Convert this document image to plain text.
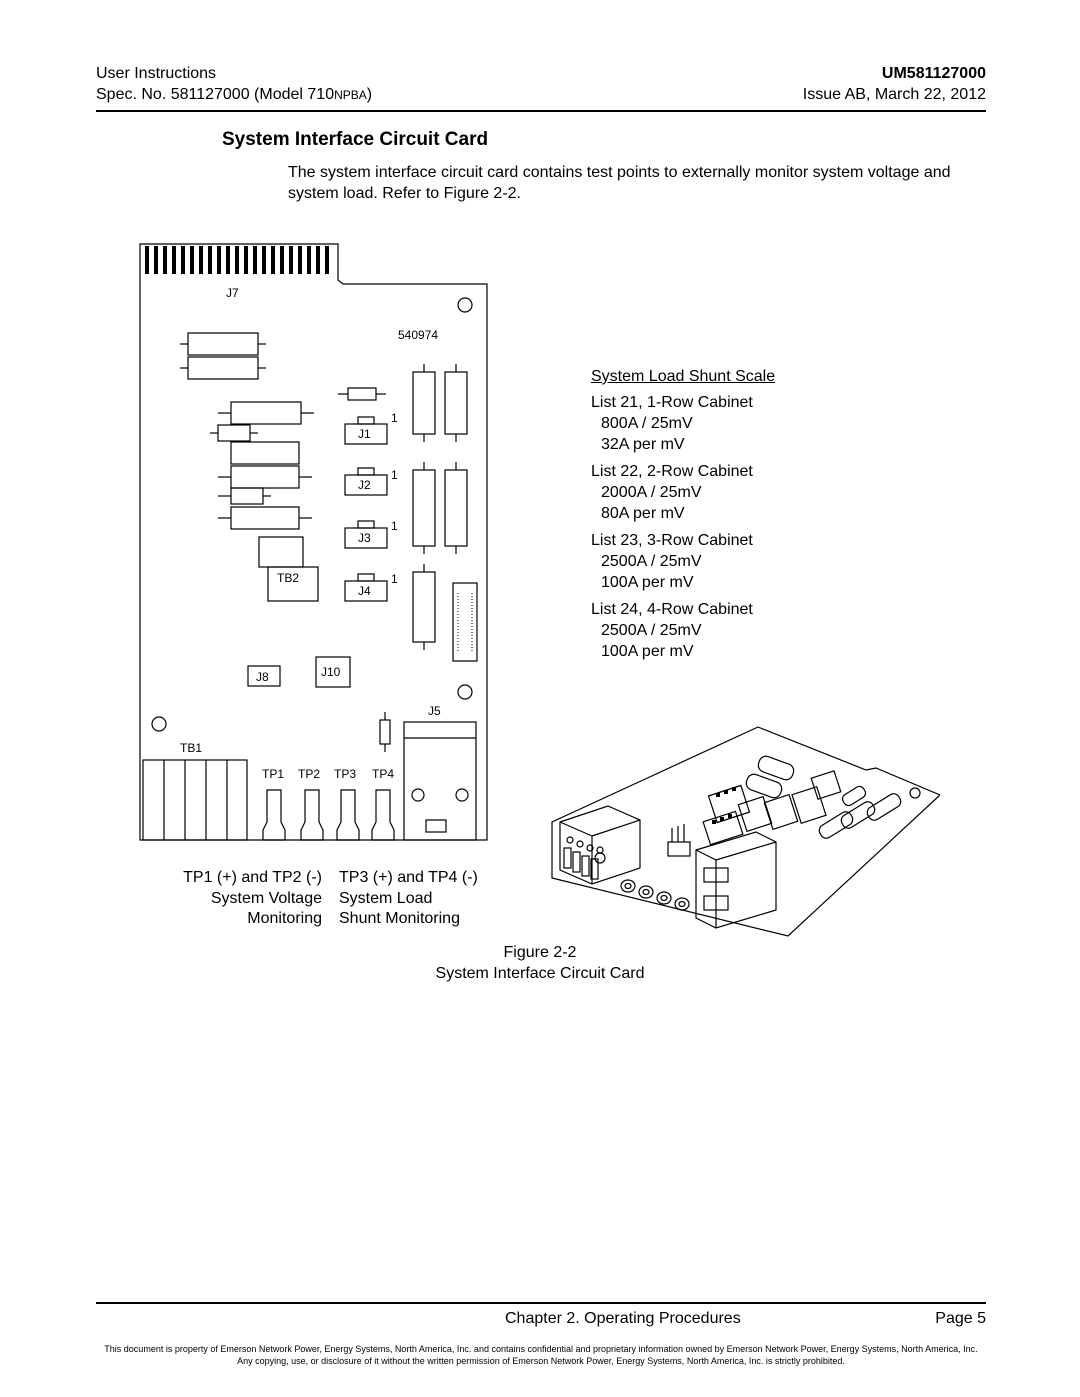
User Instructions
Spec. No. 581127000 (Model 710NPBA)
UM581127000
Issue AB, March 22, 2012
System Interface Circuit Card
The system interface circuit card contains test points to externally monitor system voltage and system load. Refer to Figure 2-2.
J7
540974
J1
1
J2
1
J3
1
J4
1
TB2
J8	J10
J5
TB1
TP1 TP2 TP3 TP4
System Load Shunt Scale
List 21, 1-Row Cabinet
800A / 25mV
32A per mV
List 22, 2-Row Cabinet
2000A / 25mV
80A per mV
List 23, 3-Row Cabinet
2500A / 25mV
100A per mV
List 24, 4-Row Cabinet
2500A / 25mV
100A per mV
TP1 (+) and TP2 (-)
System Voltage
Monitoring
TP3 (+) and TP4 (-)
System Load
Shunt Monitoring
Figure 2-2
System Interface Circuit Card
Chapter 2. Operating Procedures	Page 5
This document is property of Emerson Network Power, Energy Systems, North America, Inc. and contains confidential and proprietary information owned by Emerson Network Power, Energy Systems, North America, Inc. Any copying, use, or disclosure of it without the written permission of Emerson Network Power, Energy Systems, North America, Inc. is strictly prohibited.
